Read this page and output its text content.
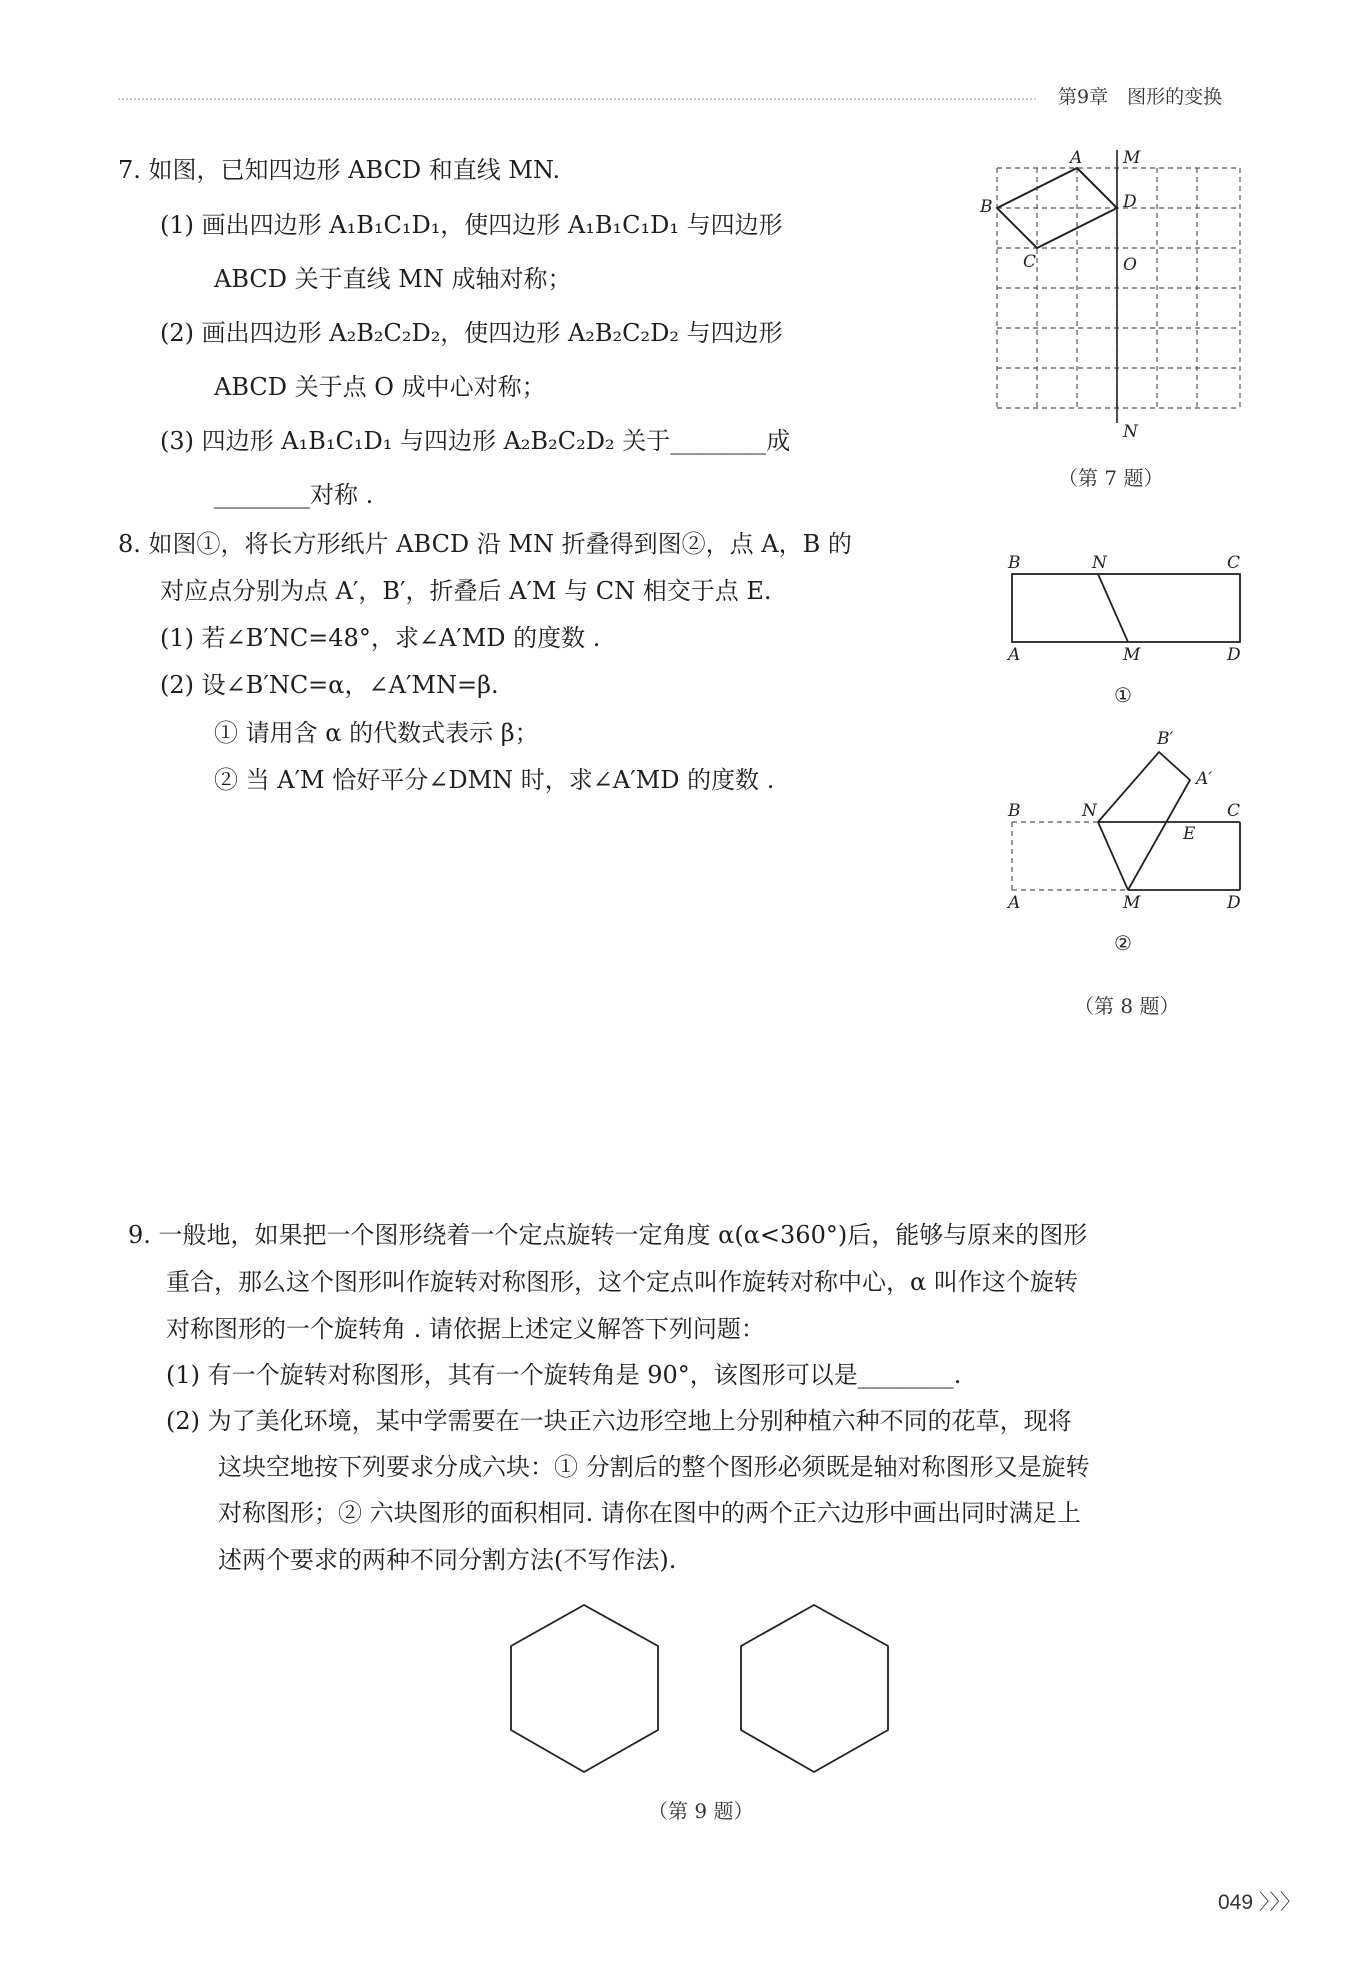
第9章　图形的变换
7. 如图，已知四边形 ABCD 和直线 MN.
(1) 画出四边形 A₁B₁C₁D₁，使四边形 A₁B₁C₁D₁ 与四边形
ABCD 关于直线 MN 成轴对称；
(2) 画出四边形 A₂B₂C₂D₂，使四边形 A₂B₂C₂D₂ 与四边形
ABCD 关于点 O 成中心对称；
(3) 四边形 A₁B₁C₁D₁ 与四边形 A₂B₂C₂D₂ 关于________成
________对称 .
A
B
C
D
M
N
O
（第 7 题）
8. 如图①，将长方形纸片 ABCD 沿 MN 折叠得到图②，点 A，B 的
对应点分别为点 A′，B′，折叠后 A′M 与 CN 相交于点 E.
(1) 若∠B′NC=48°，求∠A′MD 的度数 .
(2) 设∠B′NC=α，∠A′MN=β.
① 请用含 α 的代数式表示 β；
② 当 A′M 恰好平分∠DMN 时，求∠A′MD 的度数 .
B	N	C
A	M	D
①
B	N	C
B′
A′
E
A	M	D
②
（第 8 题）
9. 一般地，如果把一个图形绕着一个定点旋转一定角度 α(α<360°)后，能够与原来的图形
重合，那么这个图形叫作旋转对称图形，这个定点叫作旋转对称中心，α 叫作这个旋转
对称图形的一个旋转角 . 请依据上述定义解答下列问题：
(1) 有一个旋转对称图形，其有一个旋转角是 90°，该图形可以是________.
(2) 为了美化环境，某中学需要在一块正六边形空地上分别种植六种不同的花草，现将
这块空地按下列要求分成六块：① 分割后的整个图形必须既是轴对称图形又是旋转
对称图形；② 六块图形的面积相同. 请你在图中的两个正六边形中画出同时满足上
述两个要求的两种不同分割方法(不写作法).
（第 9 题）
049 〉〉〉
